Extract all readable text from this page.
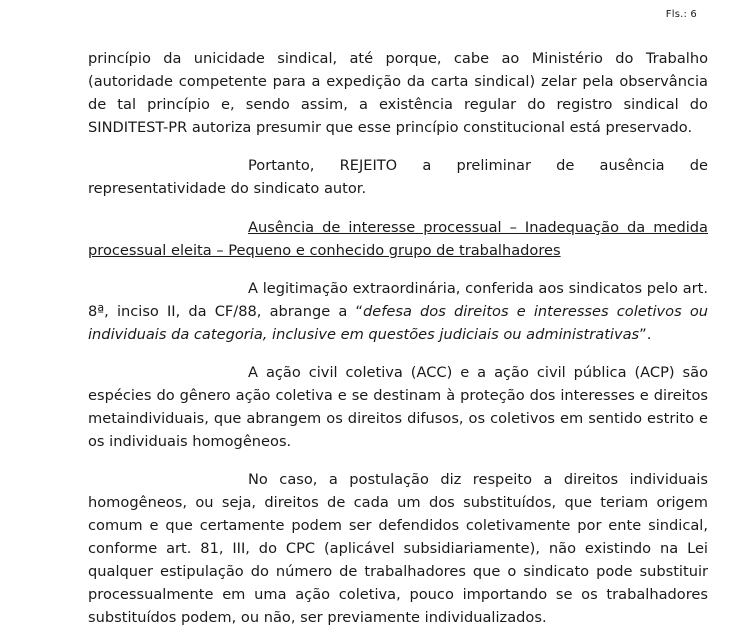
Fls.: 6

princípio da unicidade sindical, até porque, cabe ao Ministério do Trabalho (autoridade competente para a expedição da carta sindical) zelar pela observância de tal princípio e, sendo assim, a existência regular do registro sindical do SINDITEST-PR autoriza presumir que esse princípio constitucional está preservado.

Portanto, REJEITO a preliminar de ausência de representatividade do sindicato autor.

Ausência de interesse processual – Inadequação da medida processual eleita – Pequeno e conhecido grupo de trabalhadores

A legitimação extraordinária, conferida aos sindicatos pelo art. 8ª, inciso II, da CF/88, abrange a “defesa dos direitos e interesses coletivos ou individuais da categoria, inclusive em questões judiciais ou administrativas”.

A ação civil coletiva (ACC) e a ação civil pública (ACP) são espécies do gênero ação coletiva e se destinam à proteção dos interesses e direitos metaindividuais, que abrangem os direitos difusos, os coletivos em sentido estrito e os individuais homogêneos.

No caso, a postulação diz respeito a direitos individuais homogêneos, ou seja, direitos de cada um dos substituídos, que teriam origem comum e que certamente podem ser defendidos coletivamente por ente sindical, conforme art. 81, III, do CPC (aplicável subsidiariamente), não existindo na Lei qualquer estipulação do número de trabalhadores que o sindicato pode substituir processualmente em uma ação coletiva, pouco importando se os trabalhadores substituídos podem, ou não, ser previamente individualizados.
